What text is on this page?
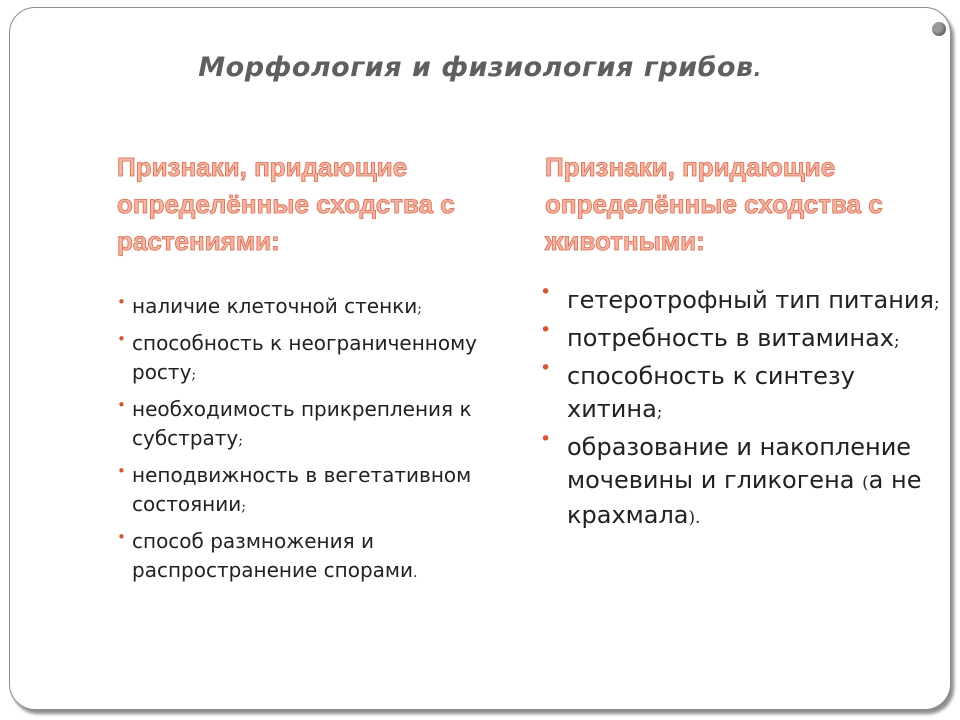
Морфология и физиология грибов.
Признаки, придающие определённые сходства с растениями:
• наличие клеточной стенки;
• способность к неограниченному росту;
• необходимость прикрепления к субстрату;
• неподвижность в вегетативном состоянии;
• способ размножения и распространение спорами.
Признаки, придающие определённые сходства с животными:
• гетеротрофный тип питания;
• потребность в витаминах;
• способность к синтезу хитина;
• образование и накопление мочевины и гликогена (а не крахмала).
